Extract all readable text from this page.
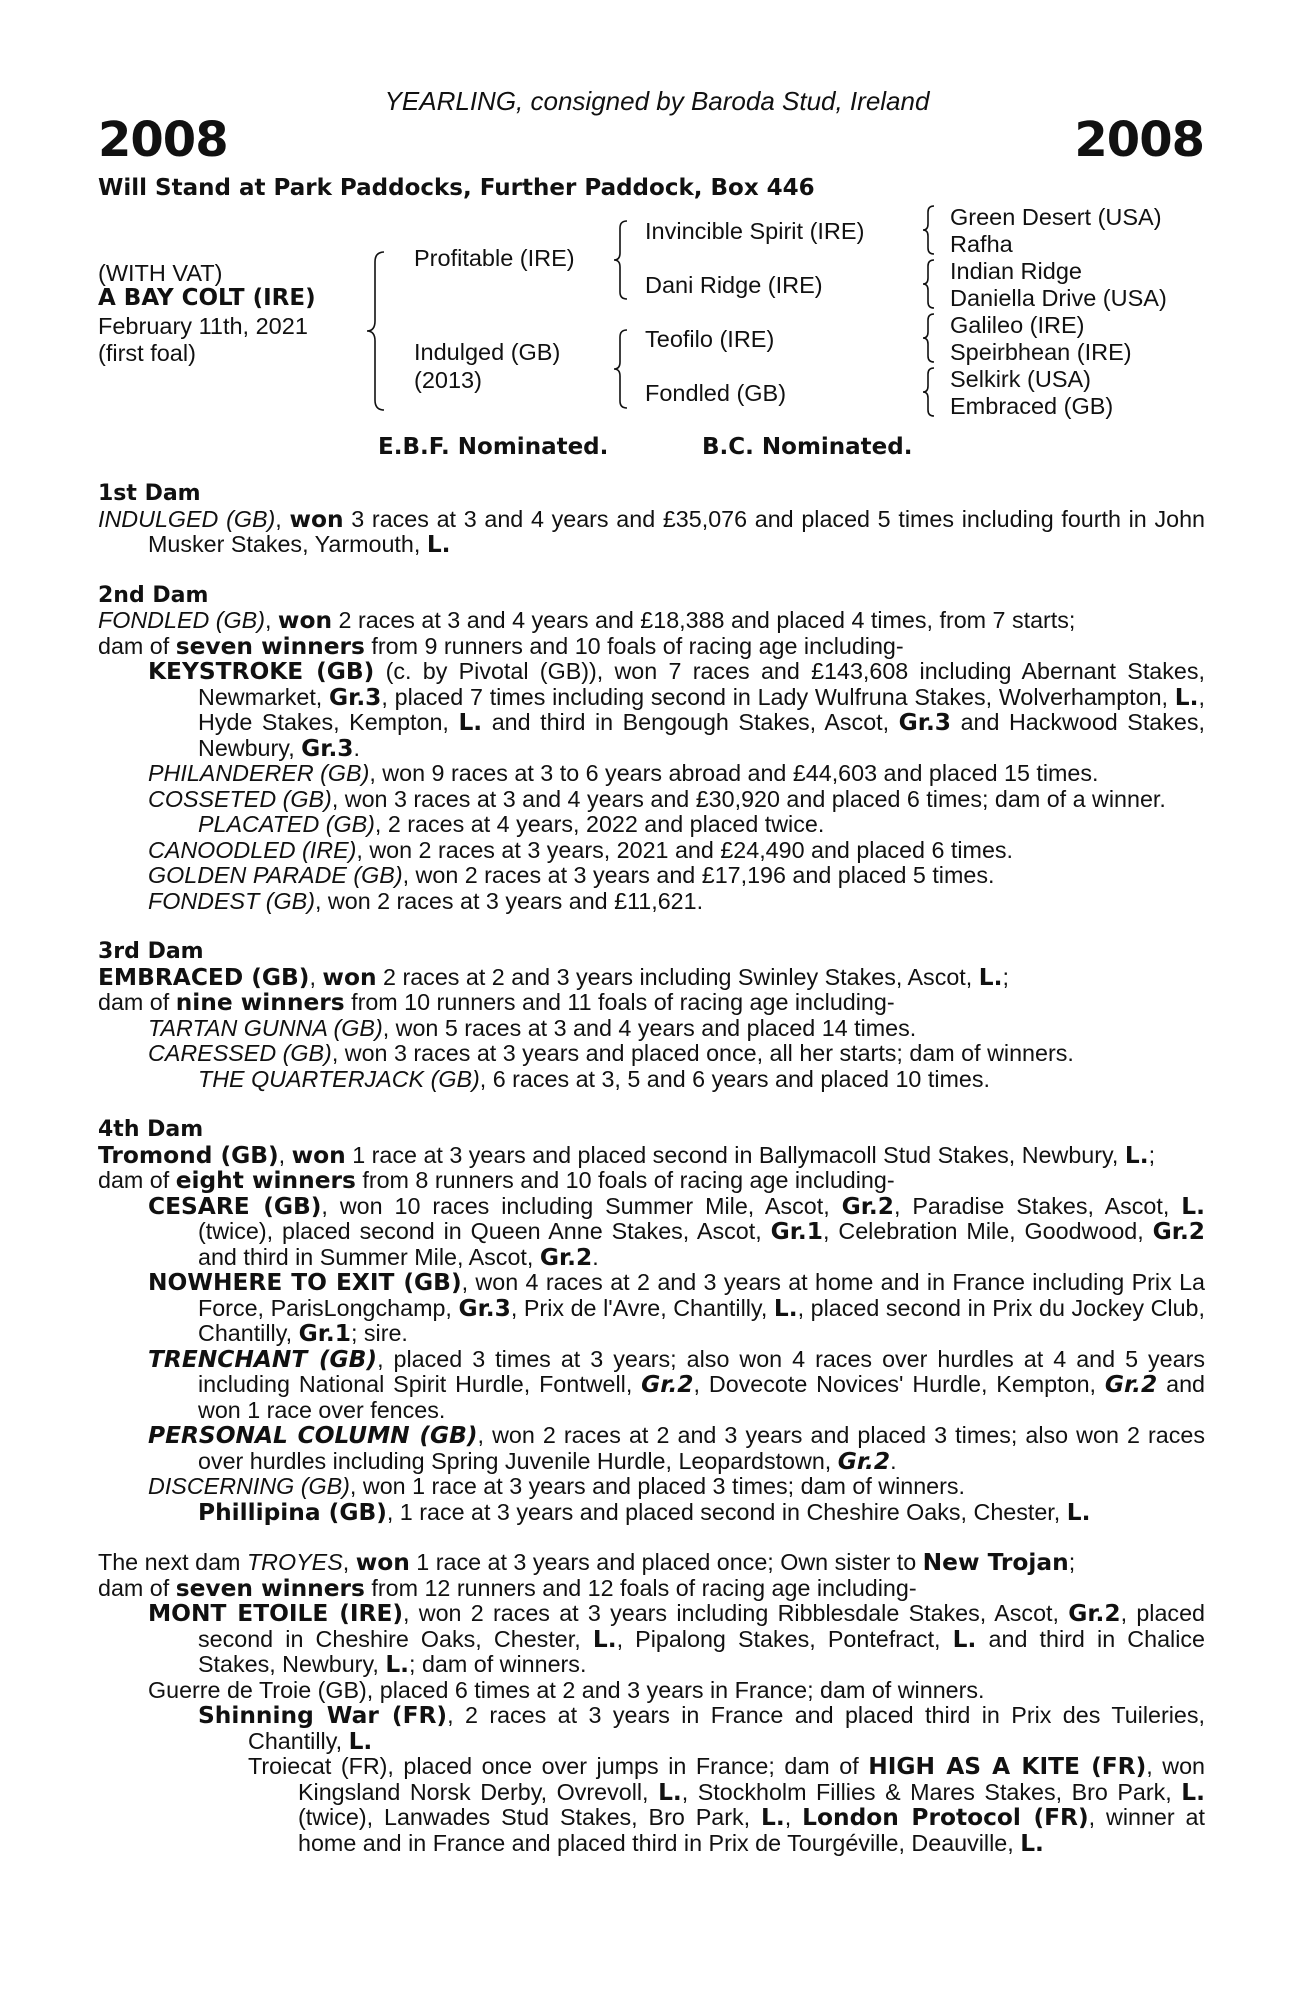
YEARLING, consigned by Baroda Stud, Ireland
2008	2008
Will Stand at Park Paddocks, Further Paddock, Box 446
(WITH VAT)
A BAY COLT (IRE)
February 11th, 2021
(first foal)
Profitable (IRE)
Indulged (GB)
(2013)
Invincible Spirit (IRE)
Dani Ridge (IRE)
Teofilo (IRE)
Fondled (GB)
Green Desert (USA)
Rafha
Indian Ridge
Daniella Drive (USA)
Galileo (IRE)
Speirbhean (IRE)
Selkirk (USA)
Embraced (GB)
E.B.F. Nominated.	B.C. Nominated.

1st Dam

INDULGED (GB), won 3 races at 3 and 4 years and £35,076 and placed 5 times including fourth in John Musker Stakes, Yarmouth, L.

2nd Dam

FONDLED (GB), won 2 races at 3 and 4 years and £18,388 and placed 4 times, from 7 starts;

dam of seven winners from 9 runners and 10 foals of racing age including-

KEYSTROKE (GB) (c. by Pivotal (GB)), won 7 races and £143,608 including Abernant Stakes, Newmarket, Gr.3, placed 7 times including second in Lady Wulfruna Stakes, Wolverhampton, L., Hyde Stakes, Kempton, L. and third in Bengough Stakes, Ascot, Gr.3 and Hackwood Stakes, Newbury, Gr.3.

PHILANDERER (GB), won 9 races at 3 to 6 years abroad and £44,603 and placed 15 times.

COSSETED (GB), won 3 races at 3 and 4 years and £30,920 and placed 6 times; dam of a winner.

PLACATED (GB), 2 races at 4 years, 2022 and placed twice.

CANOODLED (IRE), won 2 races at 3 years, 2021 and £24,490 and placed 6 times.

GOLDEN PARADE (GB), won 2 races at 3 years and £17,196 and placed 5 times.

FONDEST (GB), won 2 races at 3 years and £11,621.

3rd Dam

EMBRACED (GB), won 2 races at 2 and 3 years including Swinley Stakes, Ascot, L.;

dam of nine winners from 10 runners and 11 foals of racing age including-

TARTAN GUNNA (GB), won 5 races at 3 and 4 years and placed 14 times.

CARESSED (GB), won 3 races at 3 years and placed once, all her starts; dam of winners.

THE QUARTERJACK (GB), 6 races at 3, 5 and 6 years and placed 10 times.

4th Dam

Tromond (GB), won 1 race at 3 years and placed second in Ballymacoll Stud Stakes, Newbury, L.;

dam of eight winners from 8 runners and 10 foals of racing age including-

CESARE (GB), won 10 races including Summer Mile, Ascot, Gr.2, Paradise Stakes, Ascot, L. (twice), placed second in Queen Anne Stakes, Ascot, Gr.1, Celebration Mile, Goodwood, Gr.2 and third in Summer Mile, Ascot, Gr.2.

NOWHERE TO EXIT (GB), won 4 races at 2 and 3 years at home and in France including Prix La Force, ParisLongchamp, Gr.3, Prix de l'Avre, Chantilly, L., placed second in Prix du Jockey Club, Chantilly, Gr.1; sire.

TRENCHANT (GB), placed 3 times at 3 years; also won 4 races over hurdles at 4 and 5 years including National Spirit Hurdle, Fontwell, Gr.2, Dovecote Novices' Hurdle, Kempton, Gr.2 and won 1 race over fences.

PERSONAL COLUMN (GB), won 2 races at 2 and 3 years and placed 3 times; also won 2 races over hurdles including Spring Juvenile Hurdle, Leopardstown, Gr.2.

DISCERNING (GB), won 1 race at 3 years and placed 3 times; dam of winners.

Phillipina (GB), 1 race at 3 years and placed second in Cheshire Oaks, Chester, L.

The next dam TROYES, won 1 race at 3 years and placed once; Own sister to New Trojan;

dam of seven winners from 12 runners and 12 foals of racing age including-

MONT ETOILE (IRE), won 2 races at 3 years including Ribblesdale Stakes, Ascot, Gr.2, placed second in Cheshire Oaks, Chester, L., Pipalong Stakes, Pontefract, L. and third in Chalice Stakes, Newbury, L.; dam of winners.

Guerre de Troie (GB), placed 6 times at 2 and 3 years in France; dam of winners.

Shinning War (FR), 2 races at 3 years in France and placed third in Prix des Tuileries, Chantilly, L.

Troiecat (FR), placed once over jumps in France; dam of HIGH AS A KITE (FR), won Kingsland Norsk Derby, Ovrevoll, L., Stockholm Fillies & Mares Stakes, Bro Park, L. (twice), Lanwades Stud Stakes, Bro Park, L., London Protocol (FR), winner at home and in France and placed third in Prix de Tourgéville, Deauville, L.
